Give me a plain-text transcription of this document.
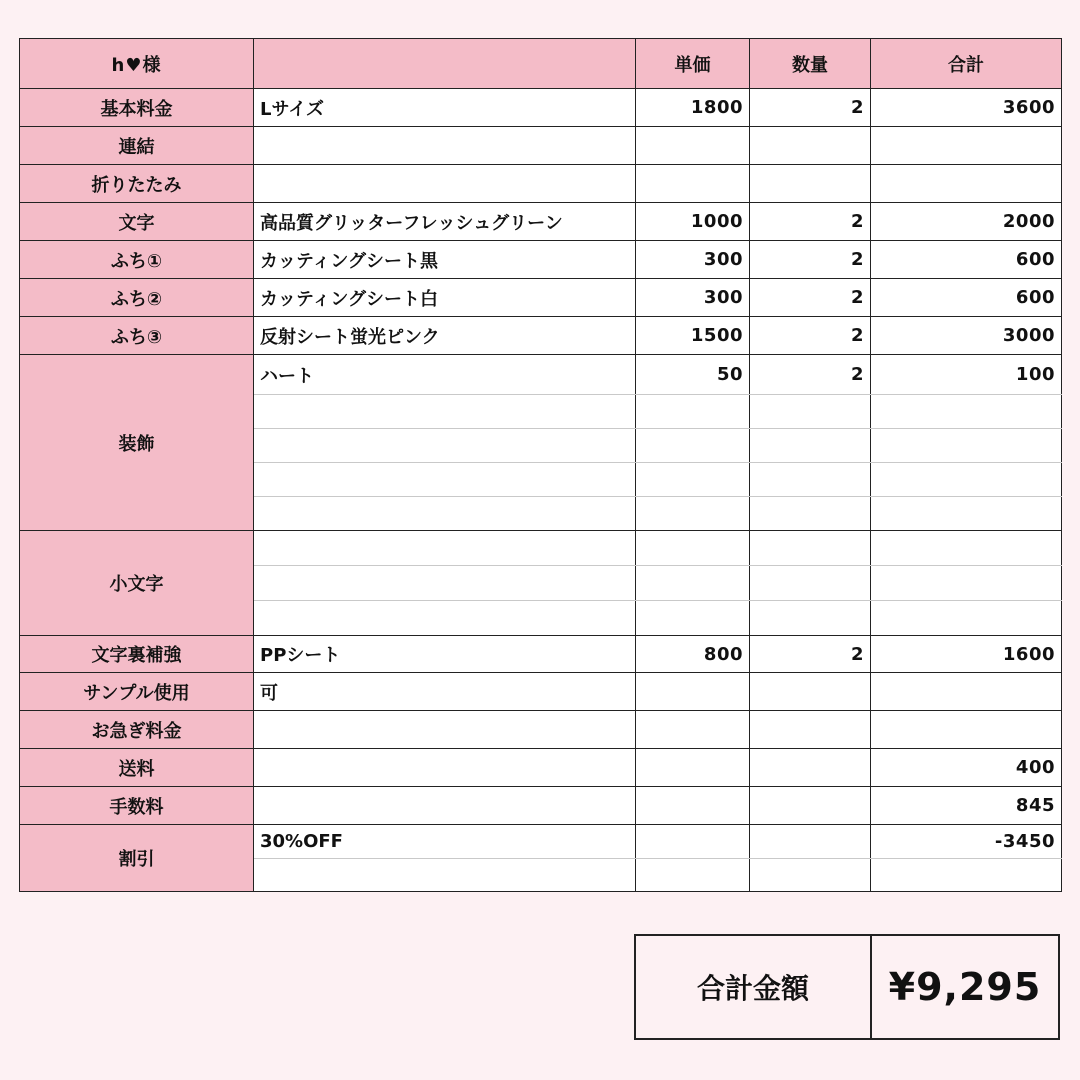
h♥様		単価	数量	合計
基本料金	Lサイズ	1800	2	3600
連結				
折りたたみ				
文字	高品質グリッターフレッシュグリーン	1000	2	2000
ふち①	カッティングシート黒	300	2	600
ふち②	カッティングシート白	300	2	600
ふち③	反射シート蛍光ピンク	1500	2	3000
装飾	ハート	50	2	100

小文字				

文字裏補強	PPシート	800	2	1600
サンプル使用	可			
お急ぎ料金				
送料				400
手数料				845
割引	30%OFF			-3450

合計金額	¥9,295
